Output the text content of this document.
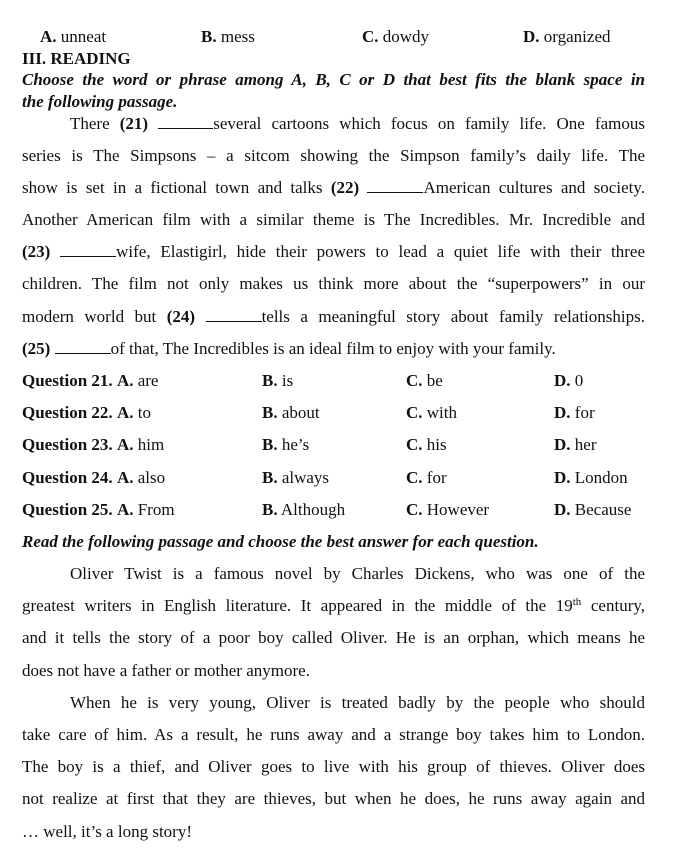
A. unneat	B. mess	C. dowdy	D. organized
III. READING
Choose the word or phrase among A, B, C or D that best fits the blank space in
the following passage.
There (21)	several cartoons which focus on family life. One famous
series is The Simpsons – a sitcom showing the Simpson family’s daily life. The
show is set in a fictional town and talks (22)	American cultures and society.
Another American film with a similar theme is The Incredibles. Mr. Incredible and
(23)	wife, Elastigirl, hide their powers to lead a quiet life with their three
children. The film not only makes us think more about the “superpowers” in our
modern world but (24)	tells a meaningful story about family relationships.
(25)	of that, The Incredibles is an ideal film to enjoy with your family.
Question 21. A. are	B. is	C. be	D. 0
Question 22. A. to	B. about	C. with	D. for
Question 23. A. him	B. he’s	C. his	D. her
Question 24. A. also	B. always	C. for	D. London
Question 25. A. From	B. Although	C. However	D. Because
Read the following passage and choose the best answer for each question.
Oliver Twist is a famous novel by Charles Dickens, who was one of the
greatest writers in English literature. It appeared in the middle of the 19th century,
and it tells the story of a poor boy called Oliver. He is an orphan, which means he
does not have a father or mother anymore.
When he is very young, Oliver is treated badly by the people who should
take care of him. As a result, he runs away and a strange boy takes him to London.
The boy is a thief, and Oliver goes to live with his group of thieves. Oliver does
not realize at first that they are thieves, but when he does, he runs away again and
… well, it’s a long story!
